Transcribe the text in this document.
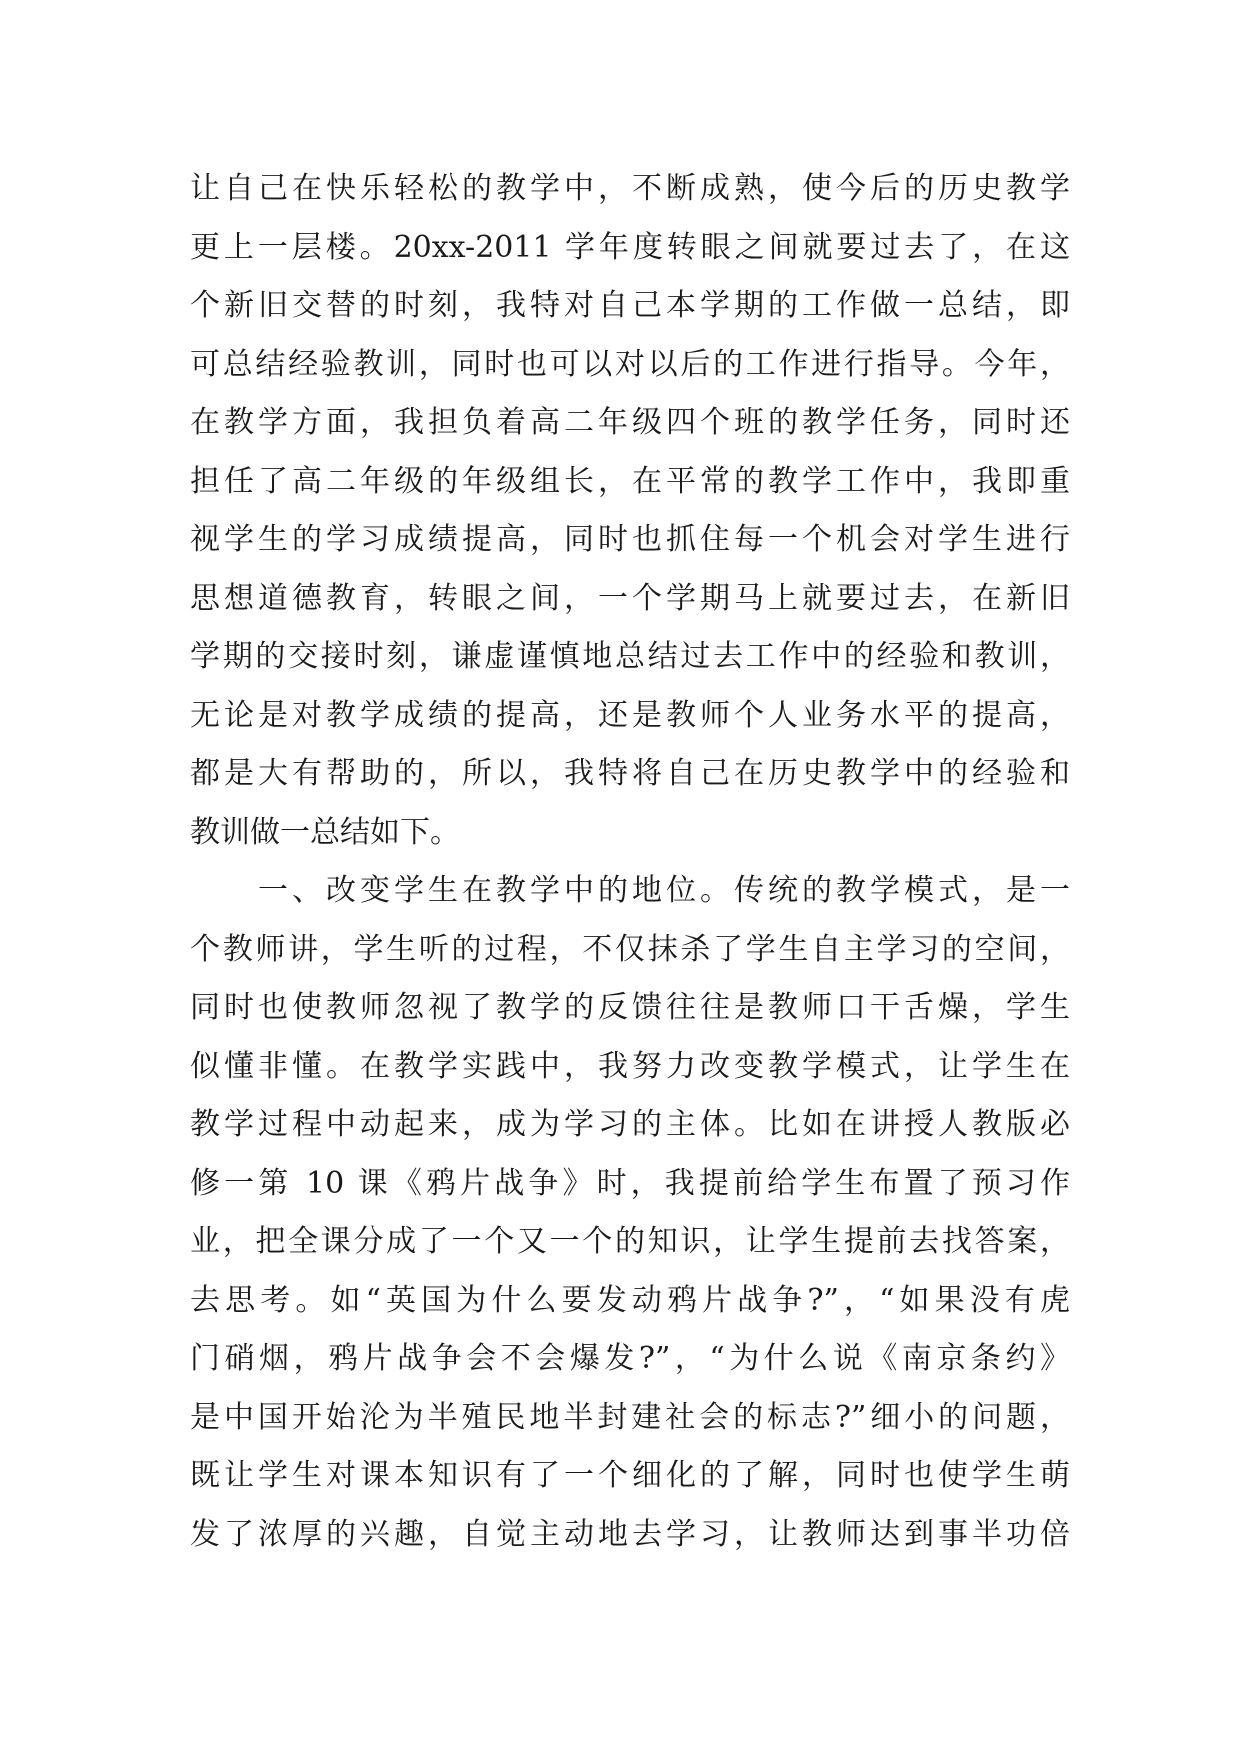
让自己在快乐轻松的教学中，不断成熟，使今后的历史教学
更上一层楼。20xx-2011 学年度转眼之间就要过去了，在这
个新旧交替的时刻，我特对自己本学期的工作做一总结，即
可总结经验教训，同时也可以对以后的工作进行指导。今年，
在教学方面，我担负着高二年级四个班的教学任务，同时还
担任了高二年级的年级组长，在平常的教学工作中，我即重
视学生的学习成绩提高，同时也抓住每一个机会对学生进行
思想道德教育，转眼之间，一个学期马上就要过去，在新旧
学期的交接时刻，谦虚谨慎地总结过去工作中的经验和教训，
无论是对教学成绩的提高，还是教师个人业务水平的提高，
都是大有帮助的，所以，我特将自己在历史教学中的经验和
教训做一总结如下。
　　一、改变学生在教学中的地位。传统的教学模式，是一
个教师讲，学生听的过程，不仅抹杀了学生自主学习的空间，
同时也使教师忽视了教学的反馈往往是教师口干舌燥，学生
似懂非懂。在教学实践中，我努力改变教学模式，让学生在
教学过程中动起来，成为学习的主体。比如在讲授人教版必
修一第 10 课《鸦片战争》时，我提前给学生布置了预习作
业，把全课分成了一个又一个的知识，让学生提前去找答案，
去思考。如“英国为什么要发动鸦片战争?”，“如果没有虎
门硝烟，鸦片战争会不会爆发?”，“为什么说《南京条约》
是中国开始沦为半殖民地半封建社会的标志?”细小的问题，
既让学生对课本知识有了一个细化的了解，同时也使学生萌
发了浓厚的兴趣，自觉主动地去学习，让教师达到事半功倍
